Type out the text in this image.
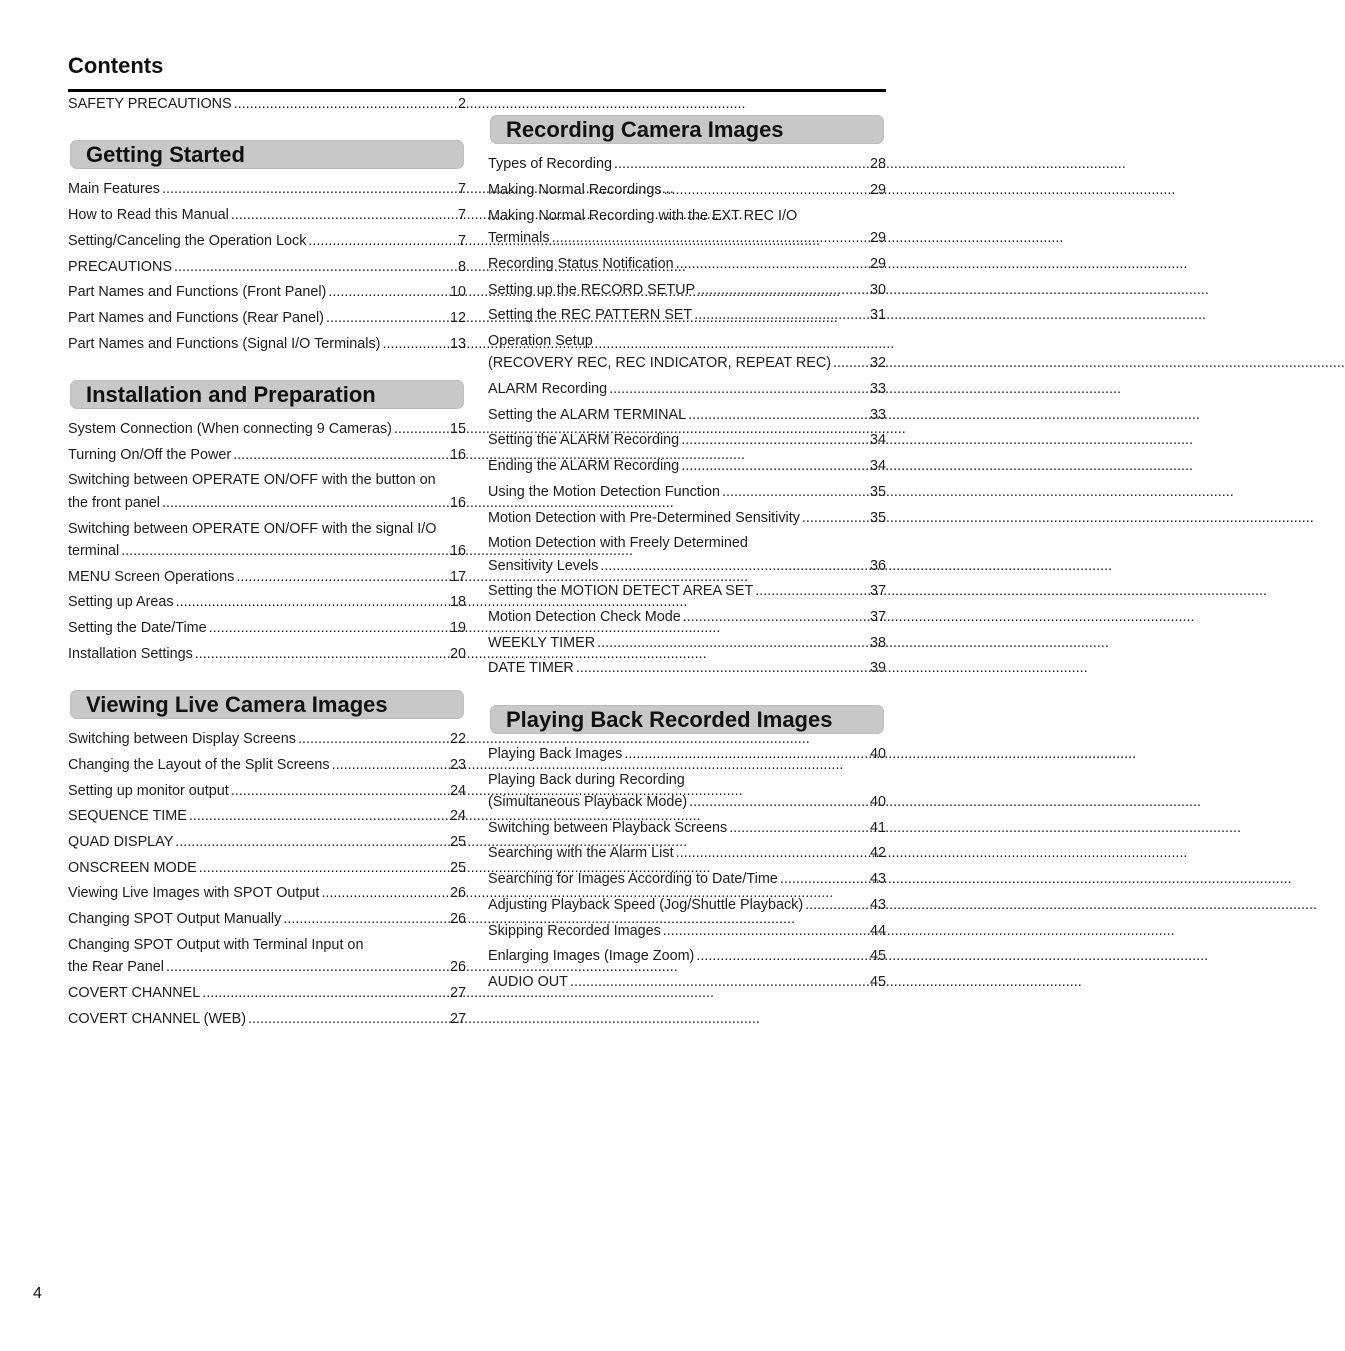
Contents
SAFETY PRECAUTIONS .....	2
Getting Started
Main Features .....	7
How to Read this Manual .....	7
Setting/Canceling the Operation Lock .....	7
PRECAUTIONS .....	8
Part Names and Functions (Front Panel) .....	10
Part Names and Functions (Rear Panel) .....	12
Part Names and Functions (Signal I/O Terminals) .....	13
Installation and Preparation
System Connection (When connecting 9 Cameras) .....	15
Turning On/Off the Power .....	16
Switching between OPERATE ON/OFF with the button on
the front panel .....	16
Switching between OPERATE ON/OFF with the signal I/O
terminal .....	16
MENU Screen Operations .....	17
Setting up Areas .....	18
Setting the Date/Time .....	19
Installation Settings .....	20
Viewing Live Camera Images
Switching between Display Screens .....	22
Changing the Layout of the Split Screens .....	23
Setting up monitor output .....	24
SEQUENCE TIME .....	24
QUAD DISPLAY .....	25
ONSCREEN MODE .....	25
Viewing Live Images with SPOT Output .....	26
Changing SPOT Output Manually .....	26
Changing SPOT Output with Terminal Input on
the Rear Panel .....	26
COVERT CHANNEL .....	27
COVERT CHANNEL (WEB) .....	27
Recording Camera Images
Types of Recording .....	28
Making Normal Recordings .....	29
Making Normal Recording with the EXT REC I/O
Terminals .....	29
Recording Status Notification .....	29
Setting up the RECORD SETUP .....	30
Setting the REC PATTERN SET .....	31
Operation Setup
(RECOVERY REC, REC INDICATOR, REPEAT REC) .....	32
ALARM Recording .....	33
Setting the ALARM TERMINAL .....	33
Setting the ALARM Recording .....	34
Ending the ALARM Recording .....	34
Using the Motion Detection Function .....	35
Motion Detection with Pre-Determined Sensitivity .....	35
Motion Detection with Freely Determined
Sensitivity Levels .....	36
Setting the MOTION DETECT AREA SET .....	37
Motion Detection Check Mode .....	37
WEEKLY TIMER .....	38
DATE TIMER .....	39
Playing Back Recorded Images
Playing Back Images .....	40
Playing Back during Recording
(Simultaneous Playback Mode) .....	40
Switching between Playback Screens .....	41
Searching with the Alarm List .....	42
Searching for Images According to Date/Time .....	43
Adjusting Playback Speed (Jog/Shuttle Playback) .....	43
Skipping Recorded Images .....	44
Enlarging Images (Image Zoom) .....	45
AUDIO OUT .....	45
4
